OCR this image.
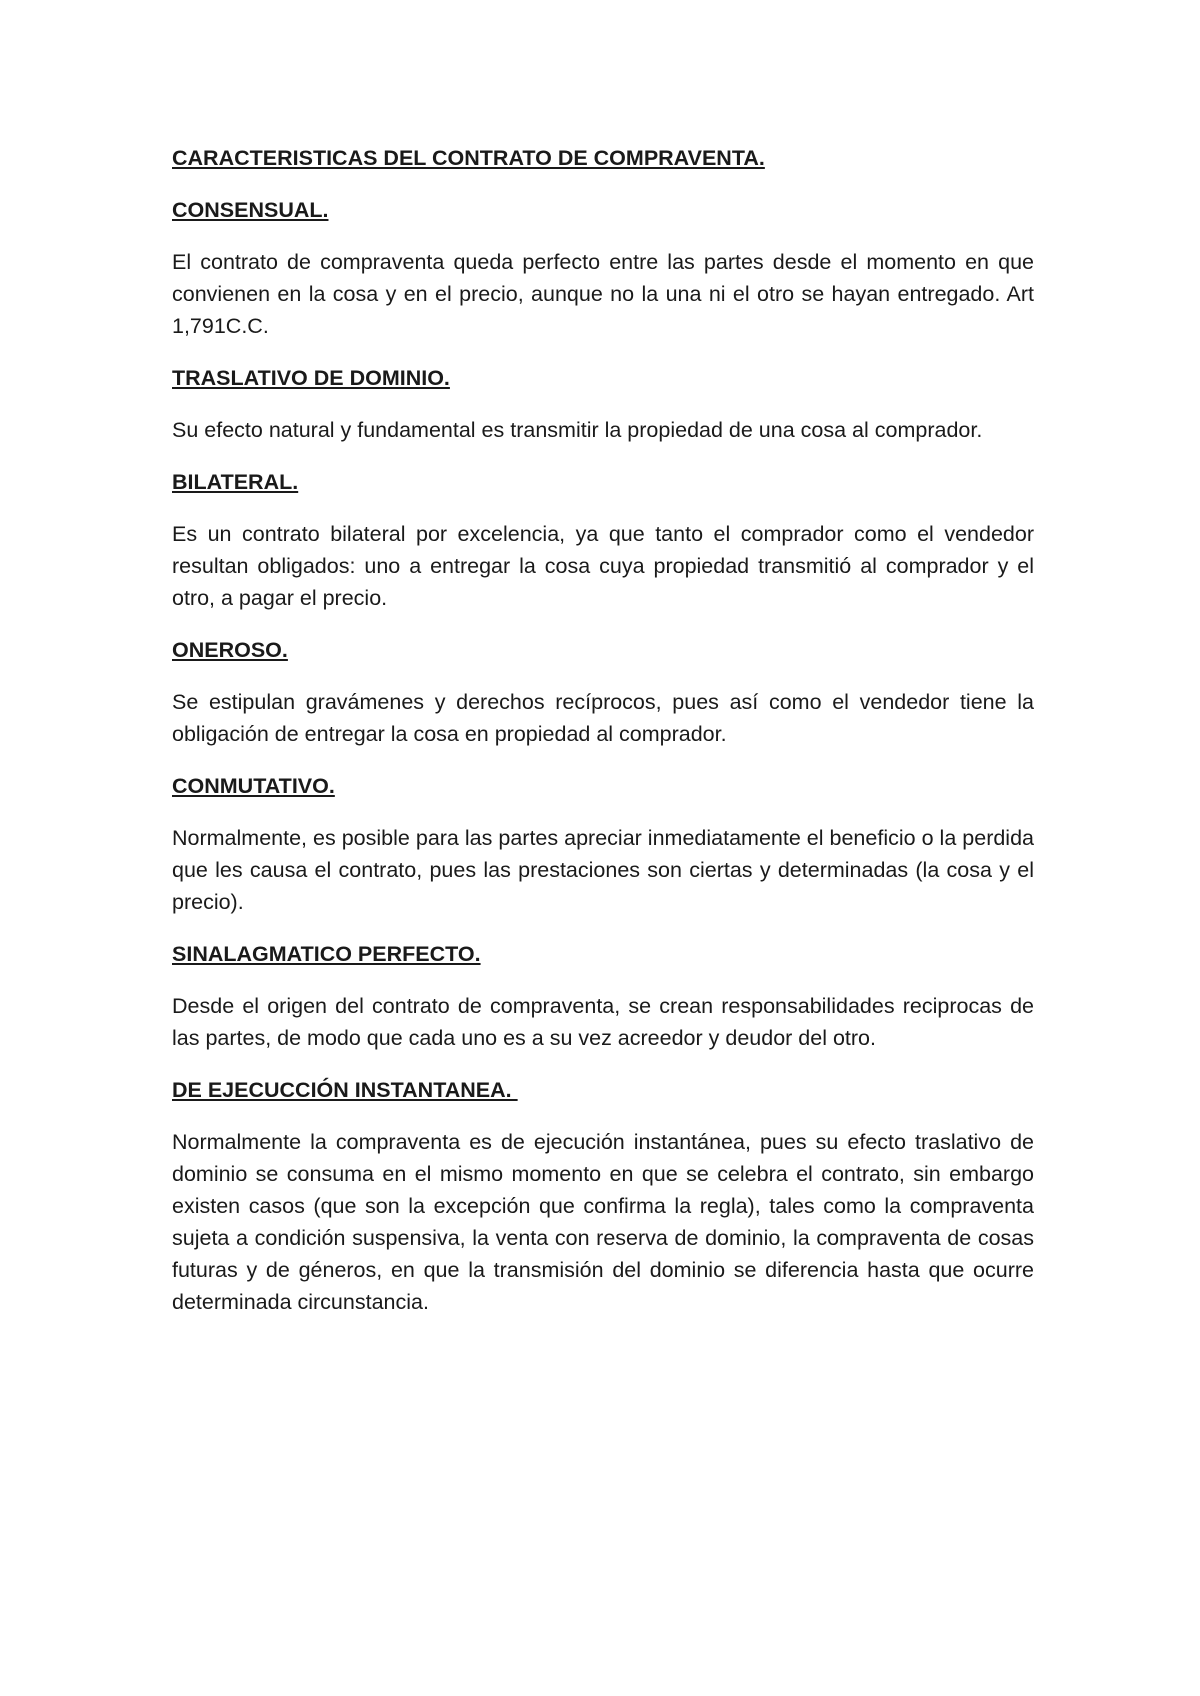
CARACTERISTICAS DEL CONTRATO DE COMPRAVENTA.
CONSENSUAL.
El contrato de compraventa queda perfecto entre las partes desde el momento en que convienen en la cosa y en el precio, aunque no la una ni el otro se hayan entregado. Art 1,791C.C.
TRASLATIVO DE DOMINIO.
Su efecto natural y fundamental es transmitir la propiedad de una cosa al comprador.
BILATERAL.
Es un contrato bilateral por excelencia, ya que tanto el comprador como el vendedor resultan obligados: uno a entregar la cosa cuya propiedad transmitió al comprador y el otro, a pagar el precio.
ONEROSO.
Se estipulan gravámenes y derechos recíprocos, pues así como el vendedor tiene la obligación de entregar la cosa en propiedad al comprador.
CONMUTATIVO.
Normalmente, es posible para las partes apreciar inmediatamente el beneficio o la perdida que les causa el contrato, pues las prestaciones son ciertas y determinadas (la cosa y el precio).
SINALAGMATICO PERFECTO.
Desde el origen del contrato de compraventa, se crean responsabilidades reciprocas de las partes, de modo que cada uno es a su vez acreedor y deudor del otro.
DE EJECUCCIÓN INSTANTANEA.
Normalmente la compraventa es de ejecución instantánea, pues su efecto traslativo de dominio se consuma en el mismo momento en que se celebra el contrato, sin embargo existen casos (que son la excepción que confirma la regla), tales como la compraventa sujeta a condición suspensiva, la venta con reserva de dominio, la compraventa de cosas futuras y de géneros, en que la transmisión del dominio se diferencia hasta que ocurre determinada circunstancia.
